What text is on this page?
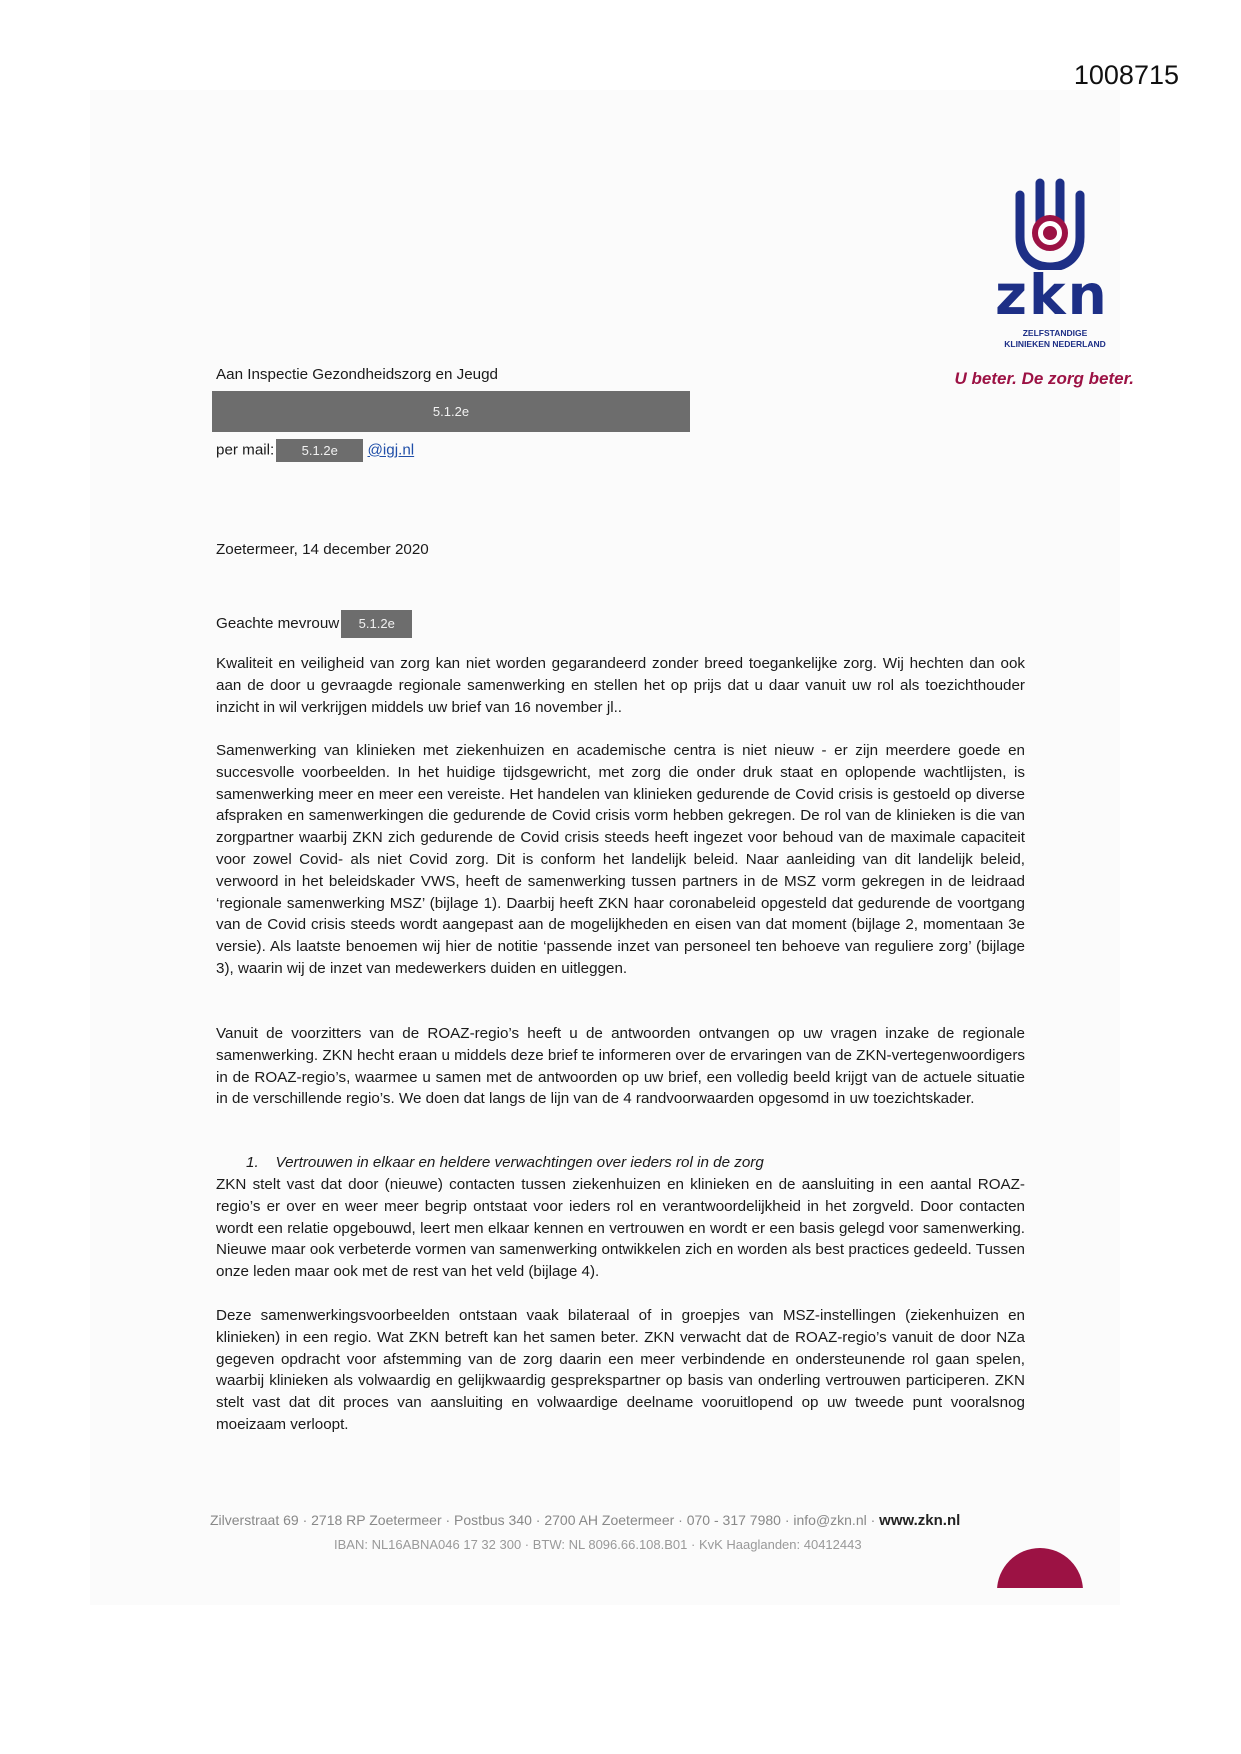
1008715
zkn
ZELFSTANDIGE
KLINIEKEN NEDERLAND
U beter. De zorg beter.
Aan Inspectie Gezondheidszorg en Jeugd
5.1.2e
per mail: 5.1.2e @igj.nl
Zoetermeer, 14 december 2020
Geachte mevrouw 5.1.2e
Kwaliteit en veiligheid van zorg kan niet worden gegarandeerd zonder breed toegankelijke zorg. Wij hechten dan ook aan de door u gevraagde regionale samenwerking en stellen het op prijs dat u daar vanuit uw rol als toezichthouder inzicht in wil verkrijgen middels uw brief van 16 november jl..
Samenwerking van klinieken met ziekenhuizen en academische centra is niet nieuw - er zijn meerdere goede en succesvolle voorbeelden. In het huidige tijdsgewricht, met zorg die onder druk staat en oplopende wachtlijsten, is samenwerking meer en meer een vereiste. Het handelen van klinieken gedurende de Covid crisis is gestoeld op diverse afspraken en samenwerkingen die gedurende de Covid crisis vorm hebben gekregen. De rol van de klinieken is die van zorgpartner waarbij ZKN zich gedurende de Covid crisis steeds heeft ingezet voor behoud van de maximale capaciteit voor zowel Covid- als niet Covid zorg. Dit is conform het landelijk beleid. Naar aanleiding van dit landelijk beleid, verwoord in het beleidskader VWS, heeft de samenwerking tussen partners in de MSZ vorm gekregen in de leidraad ‘regionale samenwerking MSZ’ (bijlage 1). Daarbij heeft ZKN haar coronabeleid opgesteld dat gedurende de voortgang van de Covid crisis steeds wordt aangepast aan de mogelijkheden en eisen van dat moment (bijlage 2, momentaan 3e versie). Als laatste benoemen wij hier de notitie ‘passende inzet van personeel ten behoeve van reguliere zorg’ (bijlage 3), waarin wij de inzet van medewerkers duiden en uitleggen.
Vanuit de voorzitters van de ROAZ-regio’s heeft u de antwoorden ontvangen op uw vragen inzake de regionale samenwerking. ZKN hecht eraan u middels deze brief te informeren over de ervaringen van de ZKN-vertegenwoordigers in de ROAZ-regio’s, waarmee u samen met de antwoorden op uw brief, een volledig beeld krijgt van de actuele situatie in de verschillende regio’s. We doen dat langs de lijn van de 4 randvoorwaarden opgesomd in uw toezichtskader.
1.    Vertrouwen in elkaar en heldere verwachtingen over ieders rol in de zorg
ZKN stelt vast dat door (nieuwe) contacten tussen ziekenhuizen en klinieken en de aansluiting in een aantal ROAZ-regio’s er over en weer meer begrip ontstaat voor ieders rol en verantwoordelijkheid in het zorgveld. Door contacten wordt een relatie opgebouwd, leert men elkaar kennen en vertrouwen en wordt er een basis gelegd voor samenwerking. Nieuwe maar ook verbeterde vormen van samenwerking ontwikkelen zich en worden als best practices gedeeld. Tussen onze leden maar ook met de rest van het veld (bijlage 4).
Deze samenwerkingsvoorbeelden ontstaan vaak bilateraal of in groepjes van MSZ-instellingen (ziekenhuizen en klinieken) in een regio. Wat ZKN betreft kan het samen beter. ZKN verwacht dat de ROAZ-regio’s vanuit de door NZa gegeven opdracht voor afstemming van de zorg daarin een meer verbindende en ondersteunende rol gaan spelen, waarbij klinieken als volwaardig en gelijkwaardig gesprekspartner op basis van onderling vertrouwen participeren. ZKN stelt vast dat dit proces van aansluiting en volwaardige deelname vooruitlopend op uw tweede punt vooralsnog moeizaam verloopt.
Zilverstraat 69 · 2718 RP Zoetermeer · Postbus 340 · 2700 AH Zoetermeer · 070 - 317 7980 · info@zkn.nl · www.zkn.nl
IBAN: NL16ABNA046 17 32 300 · BTW: NL 8096.66.108.B01 · KvK Haaglanden: 40412443
